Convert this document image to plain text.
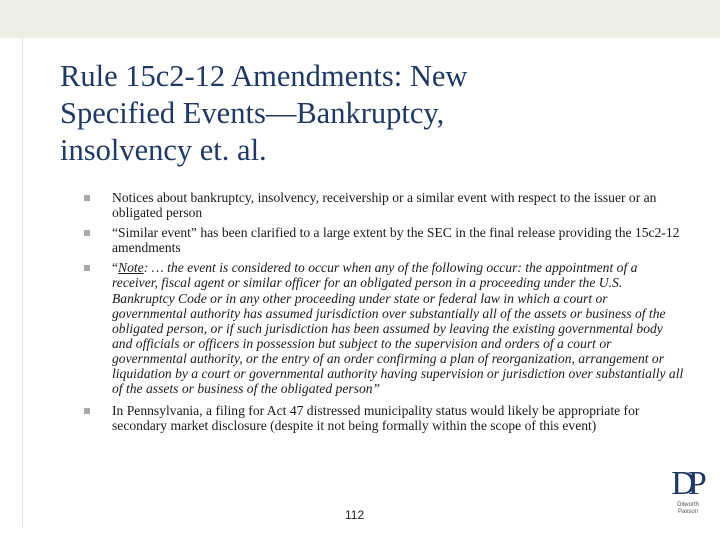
Rule 15c2-12 Amendments: New
Specified Events—Bankruptcy,
insolvency et. al.
Notices about bankruptcy, insolvency, receivership or a similar event with respect to the issuer or an obligated person
“Similar event” has been clarified to a large extent by the SEC in the final release providing the 15c2-12 amendments
“Note: … the event is considered to occur when any of the following occur: the appointment of a receiver, fiscal agent or similar officer for an obligated person in a proceeding under the U.S. Bankruptcy Code or in any other proceeding under state or federal law in which a court or governmental authority has assumed jurisdiction over substantially all of the assets or business of the obligated person, or if such jurisdiction has been assumed by leaving the existing governmental body and officials or officers in possession but subject to the supervision and orders of a court or governmental authority, or the entry of an order confirming a plan of reorganization, arrangement or liquidation by a court or governmental authority having supervision or jurisdiction over substantially all of the assets or business of the obligated person”
In Pennsylvania, a filing for Act 47 distressed municipality status would likely be appropriate for secondary market disclosure (despite it not being formally within the scope of this event)
112
DP
Dilworth
Paxson
